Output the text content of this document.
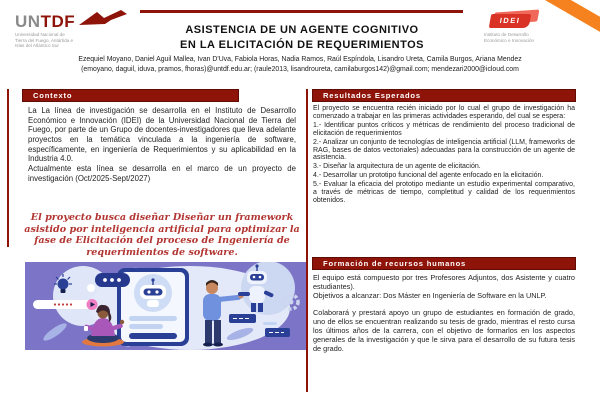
UNTDF
Universidad Nacional de
Tierra del Fuego, Antártida e
Islas del Atlántico Sur
ASISTENCIA DE UN AGENTE COGNITIVO
EN LA ELICITACIÓN DE REQUERIMIENTOS
IDEI
Instituto de Desarrollo
Económico e Innovación
Ezequiel Moyano, Daniel Aguil Mallea, Ivan D'Uva, Fabiola Horas, Nadia Ramos, Raúl Espíndola, Lisandro Ureta, Camila Burgos, Ariana Mendez
(emoyano, daguil, iduva, pramos, fhoras)@untdf.edu.ar; (raule2013, lisandroureta, camilaburgos142)@gmail.com; mendezari2000@icloud.com
Contexto

La La línea de investigación se desarrolla en el Instituto de Desarrollo Económico e Innovación (IDEI) de la Universidad Nacional de Tierra del Fuego, por parte de un Grupo de docentes-investigadores que lleva adelante proyectos en la temática vinculada a la ingeniería de software, específicamente, en ingeniería de Requerimientos y su aplicabilidad en la Industria 4.0.

Actualmente esta línea se desarrolla en el marco de un proyecto de investigación (Oct/2025-Sept/2027)

El proyecto busca diseñar Diseñar un framework asistido por inteligencia artificial para optimizar la fase de Elicitación del proceso de Ingeniería de requerimientos de software.
Resultados Esperados

El proyecto se encuentra recién iniciado por lo cual el grupo de investigación ha comenzado a trabajar en las primeras actividades esperando, del cual se espera:

1.- Identificar puntos críticos y métricas de rendimiento del proceso tradicional de elicitación de requerimientos

2.- Analizar un conjunto de tecnologías de inteligencia artificial (LLM, frameworks de RAG, bases de datos vectoriales) adecuadas para la construcción de un agente de asistencia.

3.- Diseñar la arquitectura de un agente de elicitación.

4.- Desarrollar un prototipo funcional del agente enfocado en la elicitación.

5.- Evaluar la eficacia del prototipo mediante un estudio experimental comparativo, a través de métricas de tiempo, completitud y calidad de los requerimientos obtenidos.

Formación de recursos humanos

El equipo está compuesto por tres Profesores Adjuntos, dos Asistente y cuatro estudiantes).

Objetivos a alcanzar: Dos Máster en Ingeniería de Software en la UNLP.

Colaborará y prestará apoyo un grupo de estudiantes en formación de grado, uno de ellos se encuentran realizando su tesis de grado, mientras el resto cursa los últimos años de la carrera, con el objetivo de formarlos en los aspectos generales de la investigación y que le sirva para el desarrollo de su futura tesis de grado.
